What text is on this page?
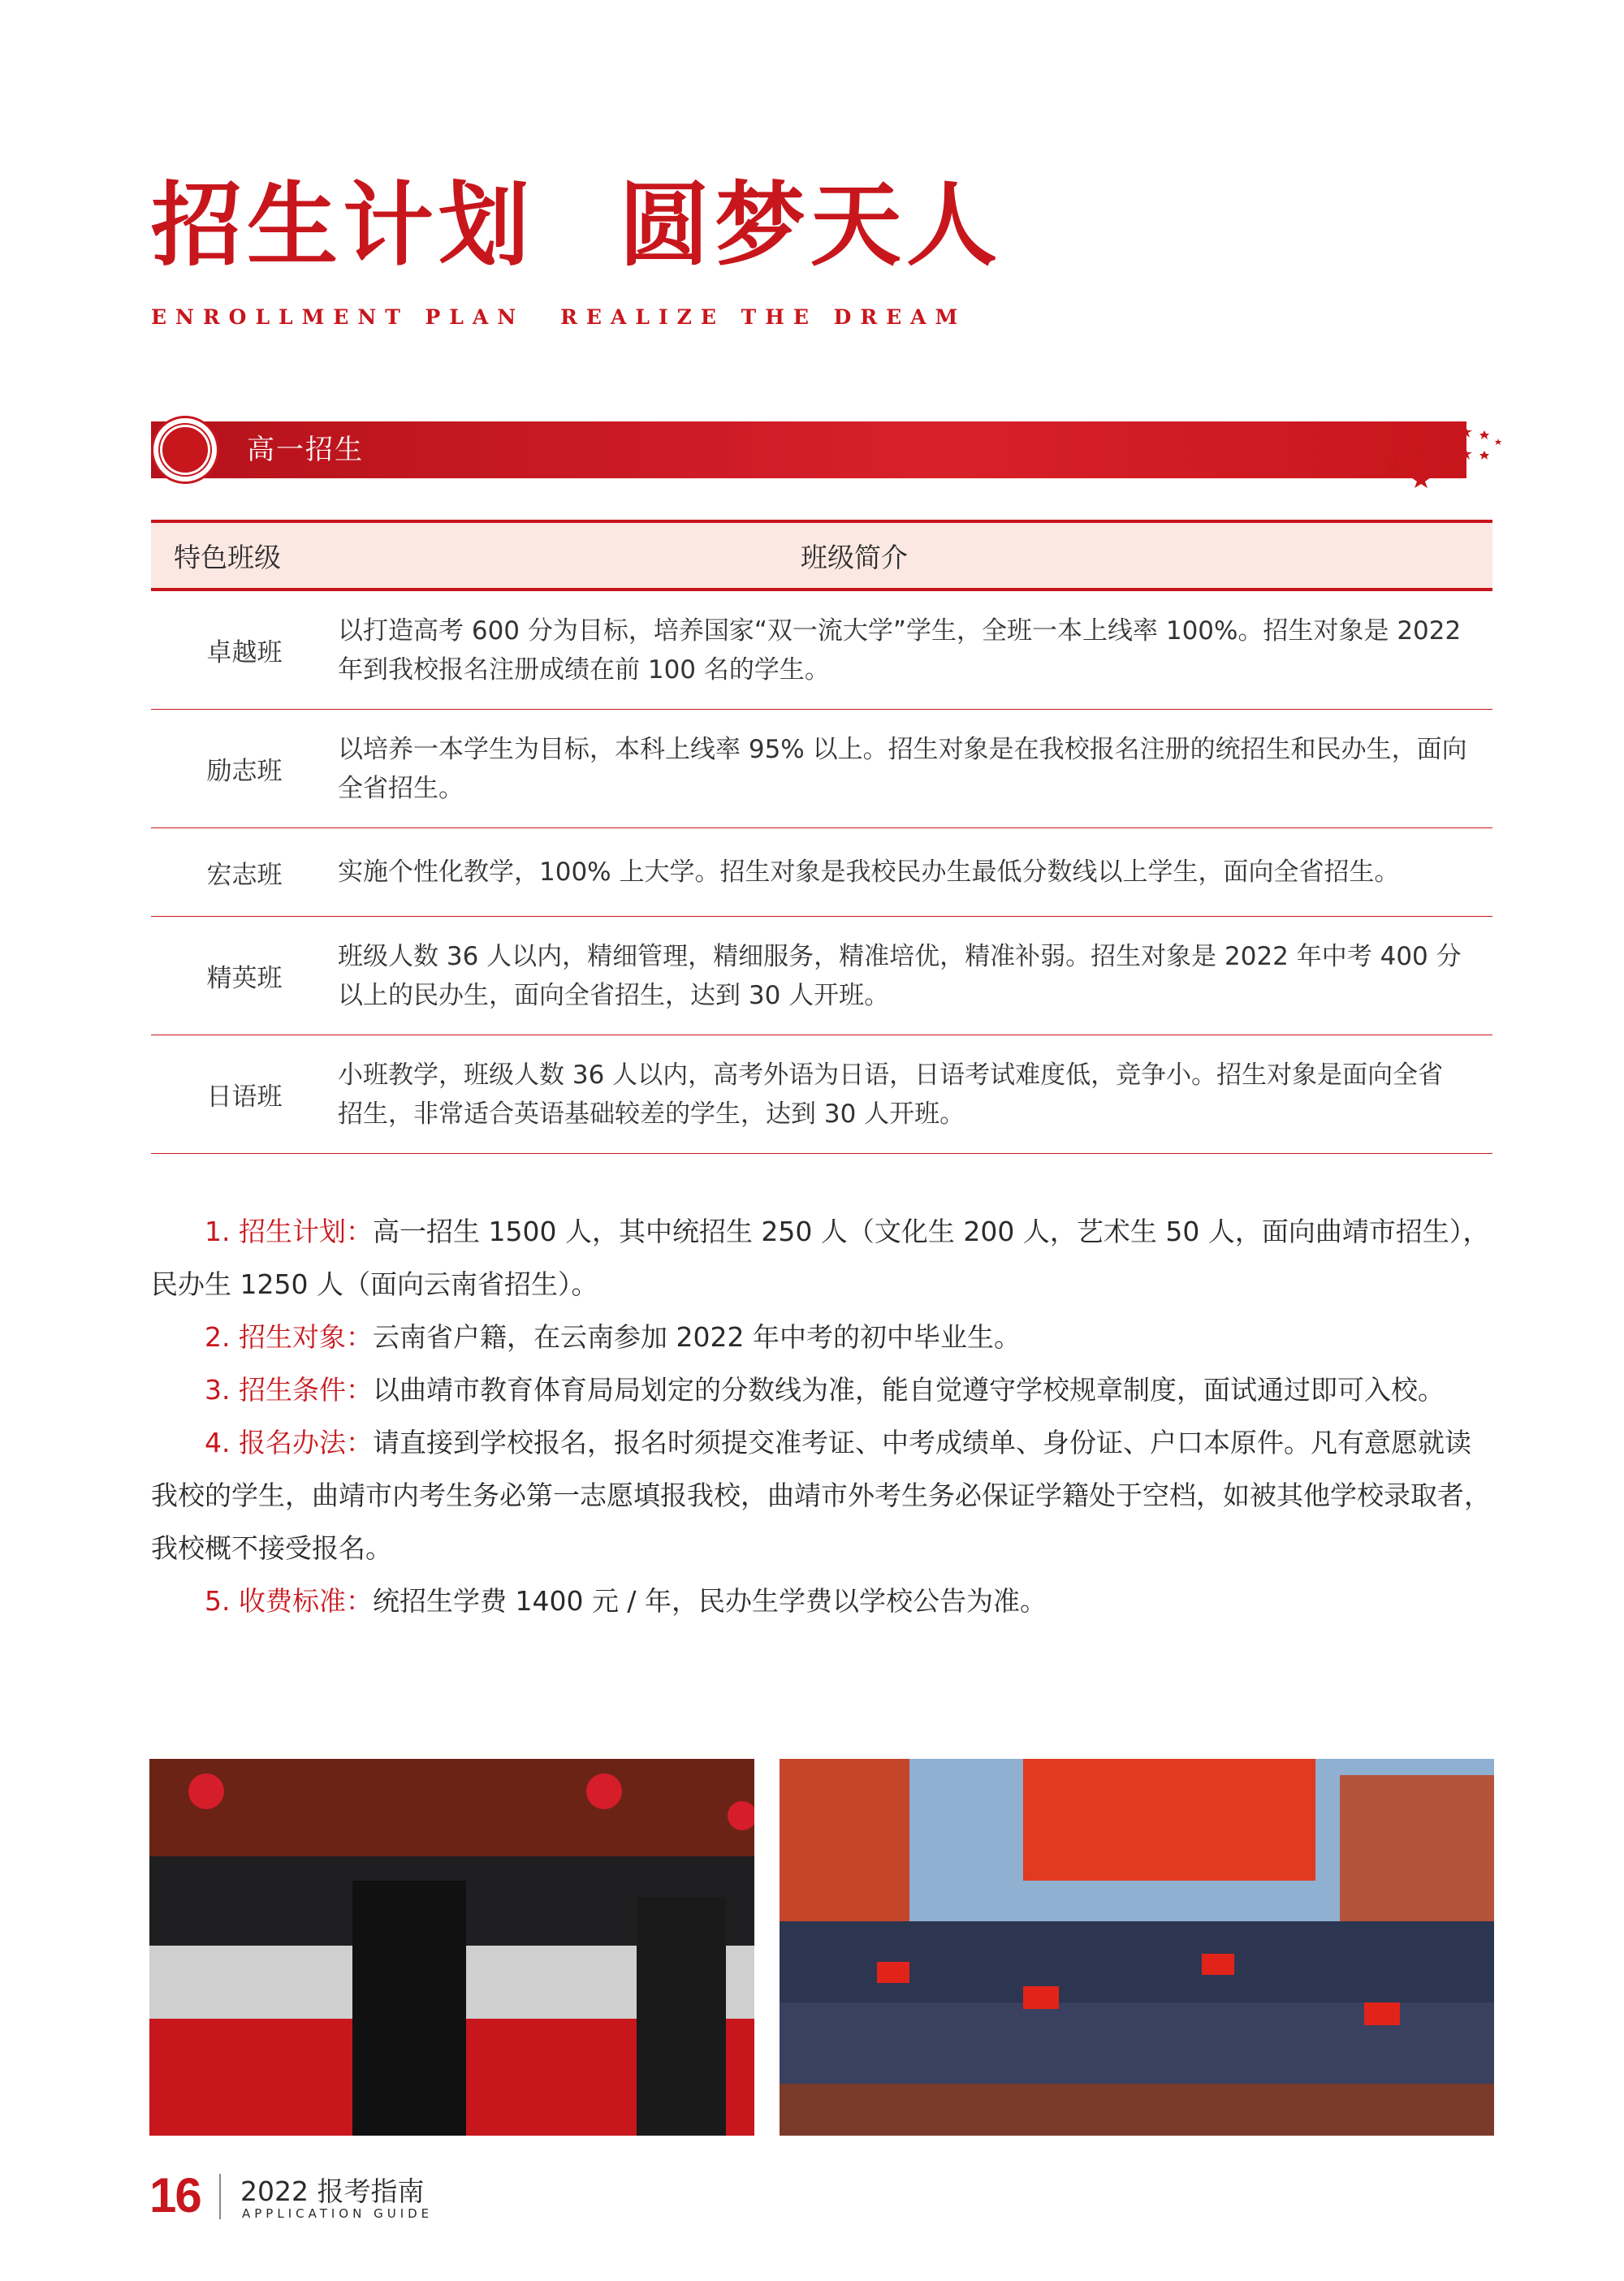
招生计划 圆梦天人
ENROLLMENT PLAN REALIZE THE DREAM
高一招生
特色班级	班级简介
卓越班
以打造高考 600 分为目标，培养国家“双一流大学”学生，全班一本上线率 100%。招生对象是 2022 年到我校报名注册成绩在前 100 名的学生。
励志班
以培养一本学生为目标，本科上线率 95% 以上。招生对象是在我校报名注册的统招生和民办生，面向全省招生。
宏志班	实施个性化教学，100% 上大学。招生对象是我校民办生最低分数线以上学生，面向全省招生。
精英班
班级人数 36 人以内，精细管理，精细服务，精准培优，精准补弱。招生对象是 2022 年中考 400 分以上的民办生，面向全省招生，达到 30 人开班。
日语班
小班教学，班级人数 36 人以内，高考外语为日语，日语考试难度低，竞争小。招生对象是面向全省招生，非常适合英语基础较差的学生，达到 30 人开班。

1. 招生计划：高一招生 1500 人，其中统招生 250 人（文化生 200 人，艺术生 50 人，面向曲靖市招生），民办生 1250 人（面向云南省招生）。

2. 招生对象：云南省户籍，在云南参加 2022 年中考的初中毕业生。

3. 招生条件：以曲靖市教育体育局局划定的分数线为准，能自觉遵守学校规章制度，面试通过即可入校。

4. 报名办法：请直接到学校报名，报名时须提交准考证、中考成绩单、身份证、户口本原件。凡有意愿就读我校的学生，曲靖市内考生务必第一志愿填报我校，曲靖市外考生务必保证学籍处于空档，如被其他学校录取者，我校概不接受报名。

5. 收费标准：统招生学费 1400 元 / 年，民办生学费以学校公告为准。

16 2022 报考指南
APPLICATION GUIDE
